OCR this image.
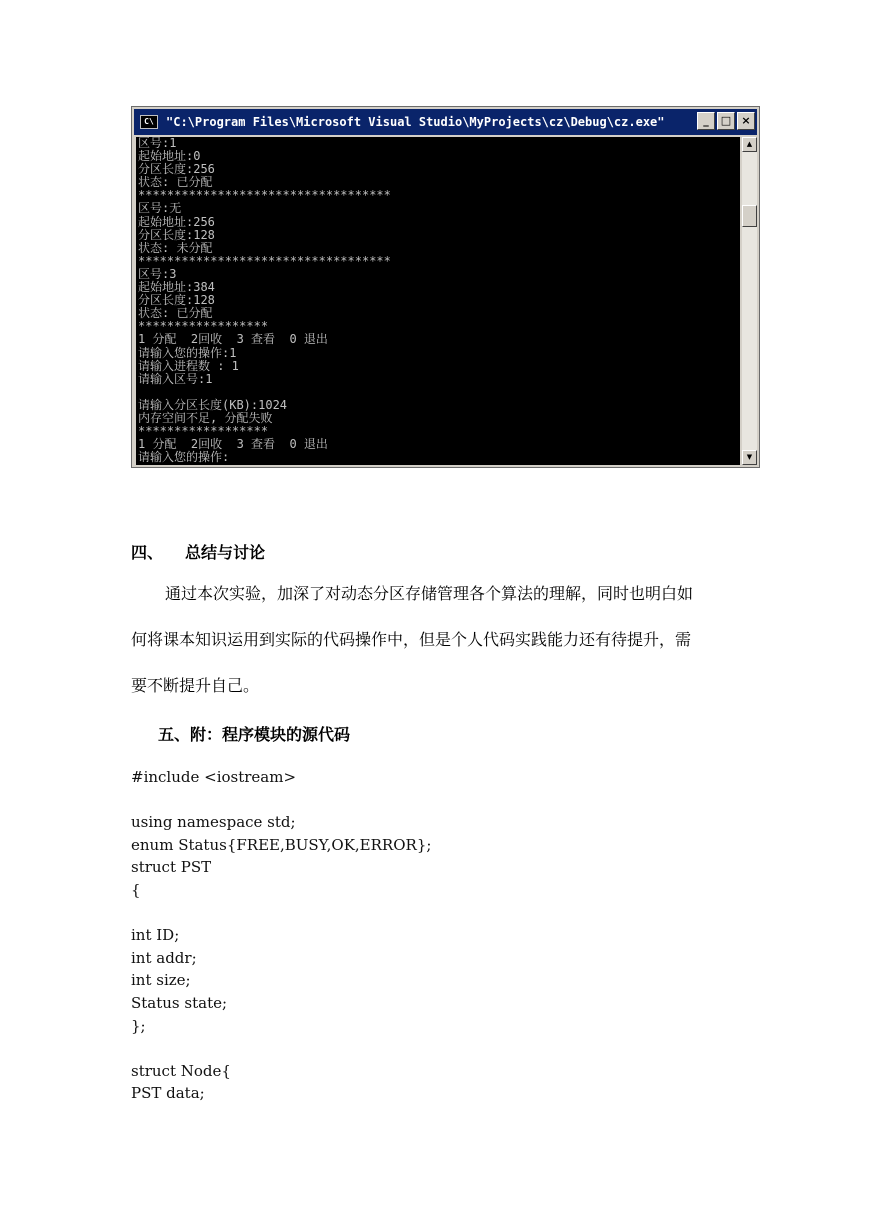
C\	"C:\Program Files\Microsoft Visual Studio\MyProjects\cz\Debug\cz.exe"	_	□ ×
区号:1
起始地址:0
分区长度:256
状态: 已分配
***********************************
区号:无
起始地址:256
分区长度:128
状态: 未分配
***********************************
区号:3
起始地址:384
分区长度:128
状态: 已分配
******************
1 分配  2回收  3 查看  0 退出
请输入您的操作:1
请输入进程数 : 1
请输入区号:1
请输入分区长度(KB):1024
内存空间不足, 分配失败
******************
1 分配  2回收  3 查看  0 退出
请输入您的操作:
▲
▼
四、 总结与讨论
通过本次实验，加深了对动态分区存储管理各个算法的理解，同时也明白如
何将课本知识运用到实际的代码操作中，但是个人代码实践能力还有待提升，需
要不断提升自己。
五、附：程序模块的源代码
#include <iostream>
using namespace std;
enum Status{FREE,BUSY,OK,ERROR};
struct PST
{
int ID;
int addr;
int size;
Status state;
};
struct Node{
PST data;
